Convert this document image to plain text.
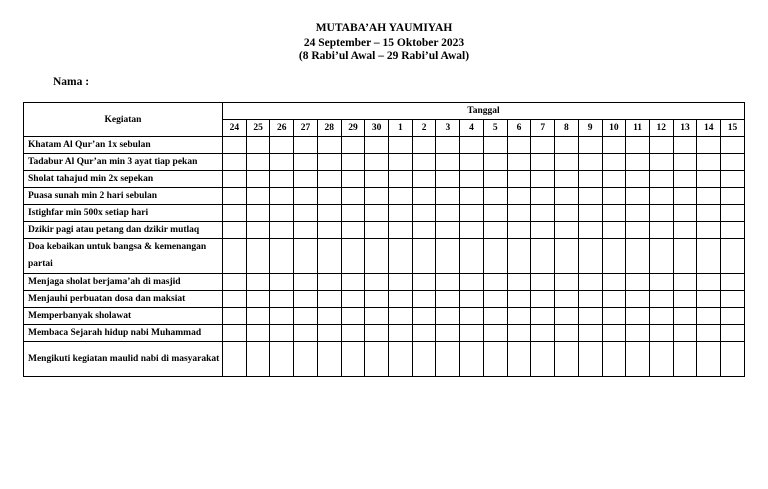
MUTABA’AH YAUMIYAH
24 September – 15 Oktober 2023
(8 Rabi’ul Awal – 29 Rabi’ul Awal)
Nama :
Kegiatan	Tanggal																					
	24	25	26	27	28	29	30	1	2	3	4	5	6	7	8	9	10	11	12	13	14	15
Khatam Al Qur’an 1x sebulan																						
Tadabur Al Qur’an min 3 ayat tiap pekan																						
Sholat tahajud min 2x sepekan																						
Puasa sunah min 2 hari sebulan																						
Istighfar min 500x setiap hari																						
Dzikir pagi atau petang dan dzikir mutlaq																						
Doa kebaikan untuk bangsa & kemenangan partai																						
Menjaga sholat berjama’ah di masjid																						
Menjauhi perbuatan dosa dan maksiat																						
Memperbanyak sholawat																						
Membaca Sejarah hidup nabi Muhammad																						
Mengikuti kegiatan maulid nabi di masyarakat																						
